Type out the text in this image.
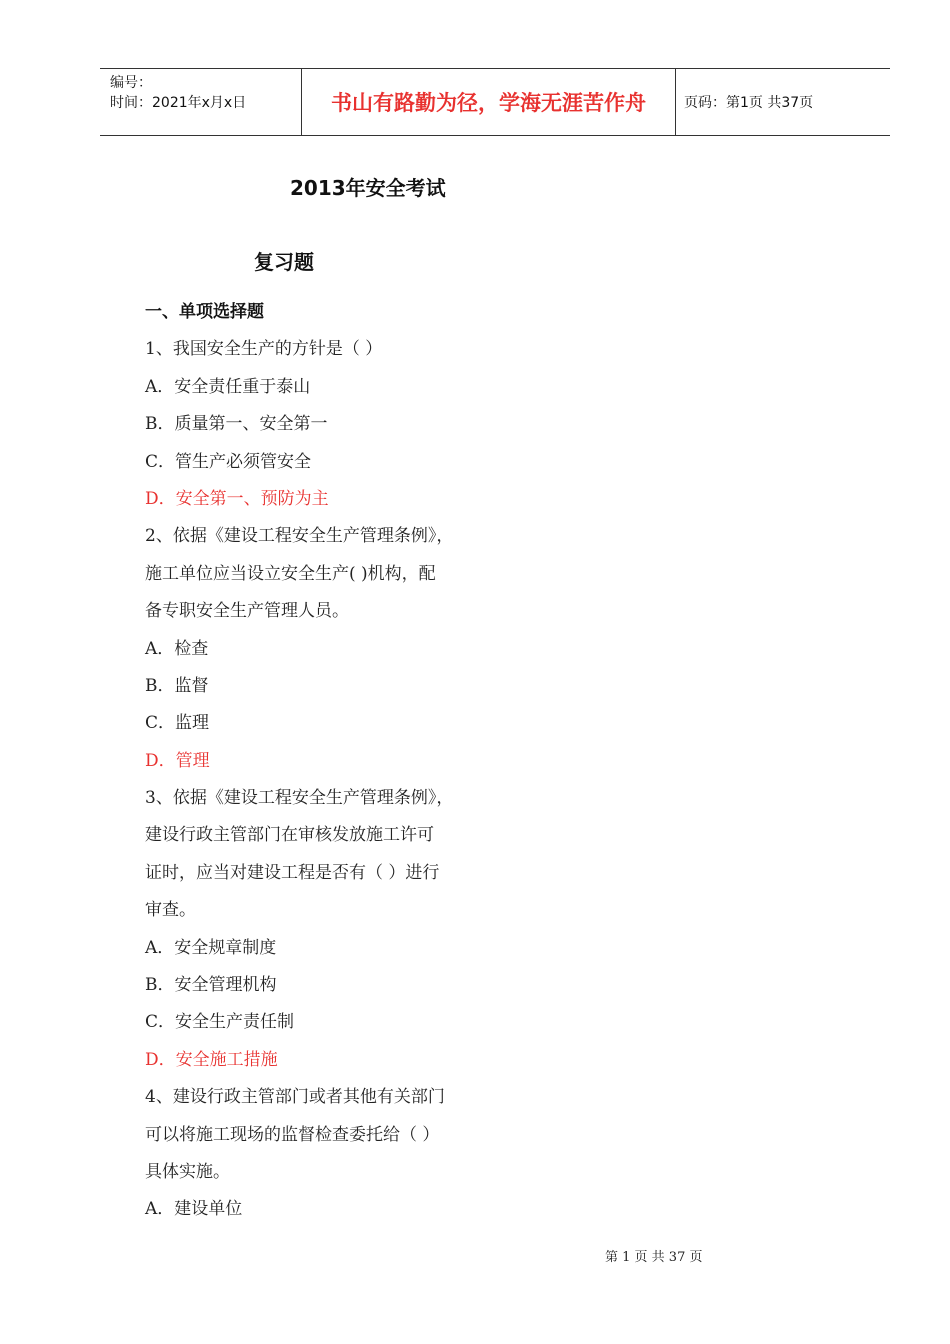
编号：
时间：2021年x月x日	书山有路勤为径，学海无涯苦作舟	页码：第1页 共37页
2013年安全考试
复习题
一、单项选择题
1、我国安全生产的方针是（ ）
A．安全责任重于泰山
B．质量第一、安全第一
C．管生产必须管安全
D．安全第一、预防为主
2、依据《建设工程安全生产管理条例》，
施工单位应当设立安全生产( )机构，配
备专职安全生产管理人员。
A．检查
B．监督
C．监理
D．管理
3、依据《建设工程安全生产管理条例》，
建设行政主管部门在审核发放施工许可
证时，应当对建设工程是否有（ ）进行
审查。
A．安全规章制度
B．安全管理机构
C．安全生产责任制
D．安全施工措施
4、建设行政主管部门或者其他有关部门
可以将施工现场的监督检查委托给（ ）
具体实施。
A．建设单位
第 1 页 共 37 页
